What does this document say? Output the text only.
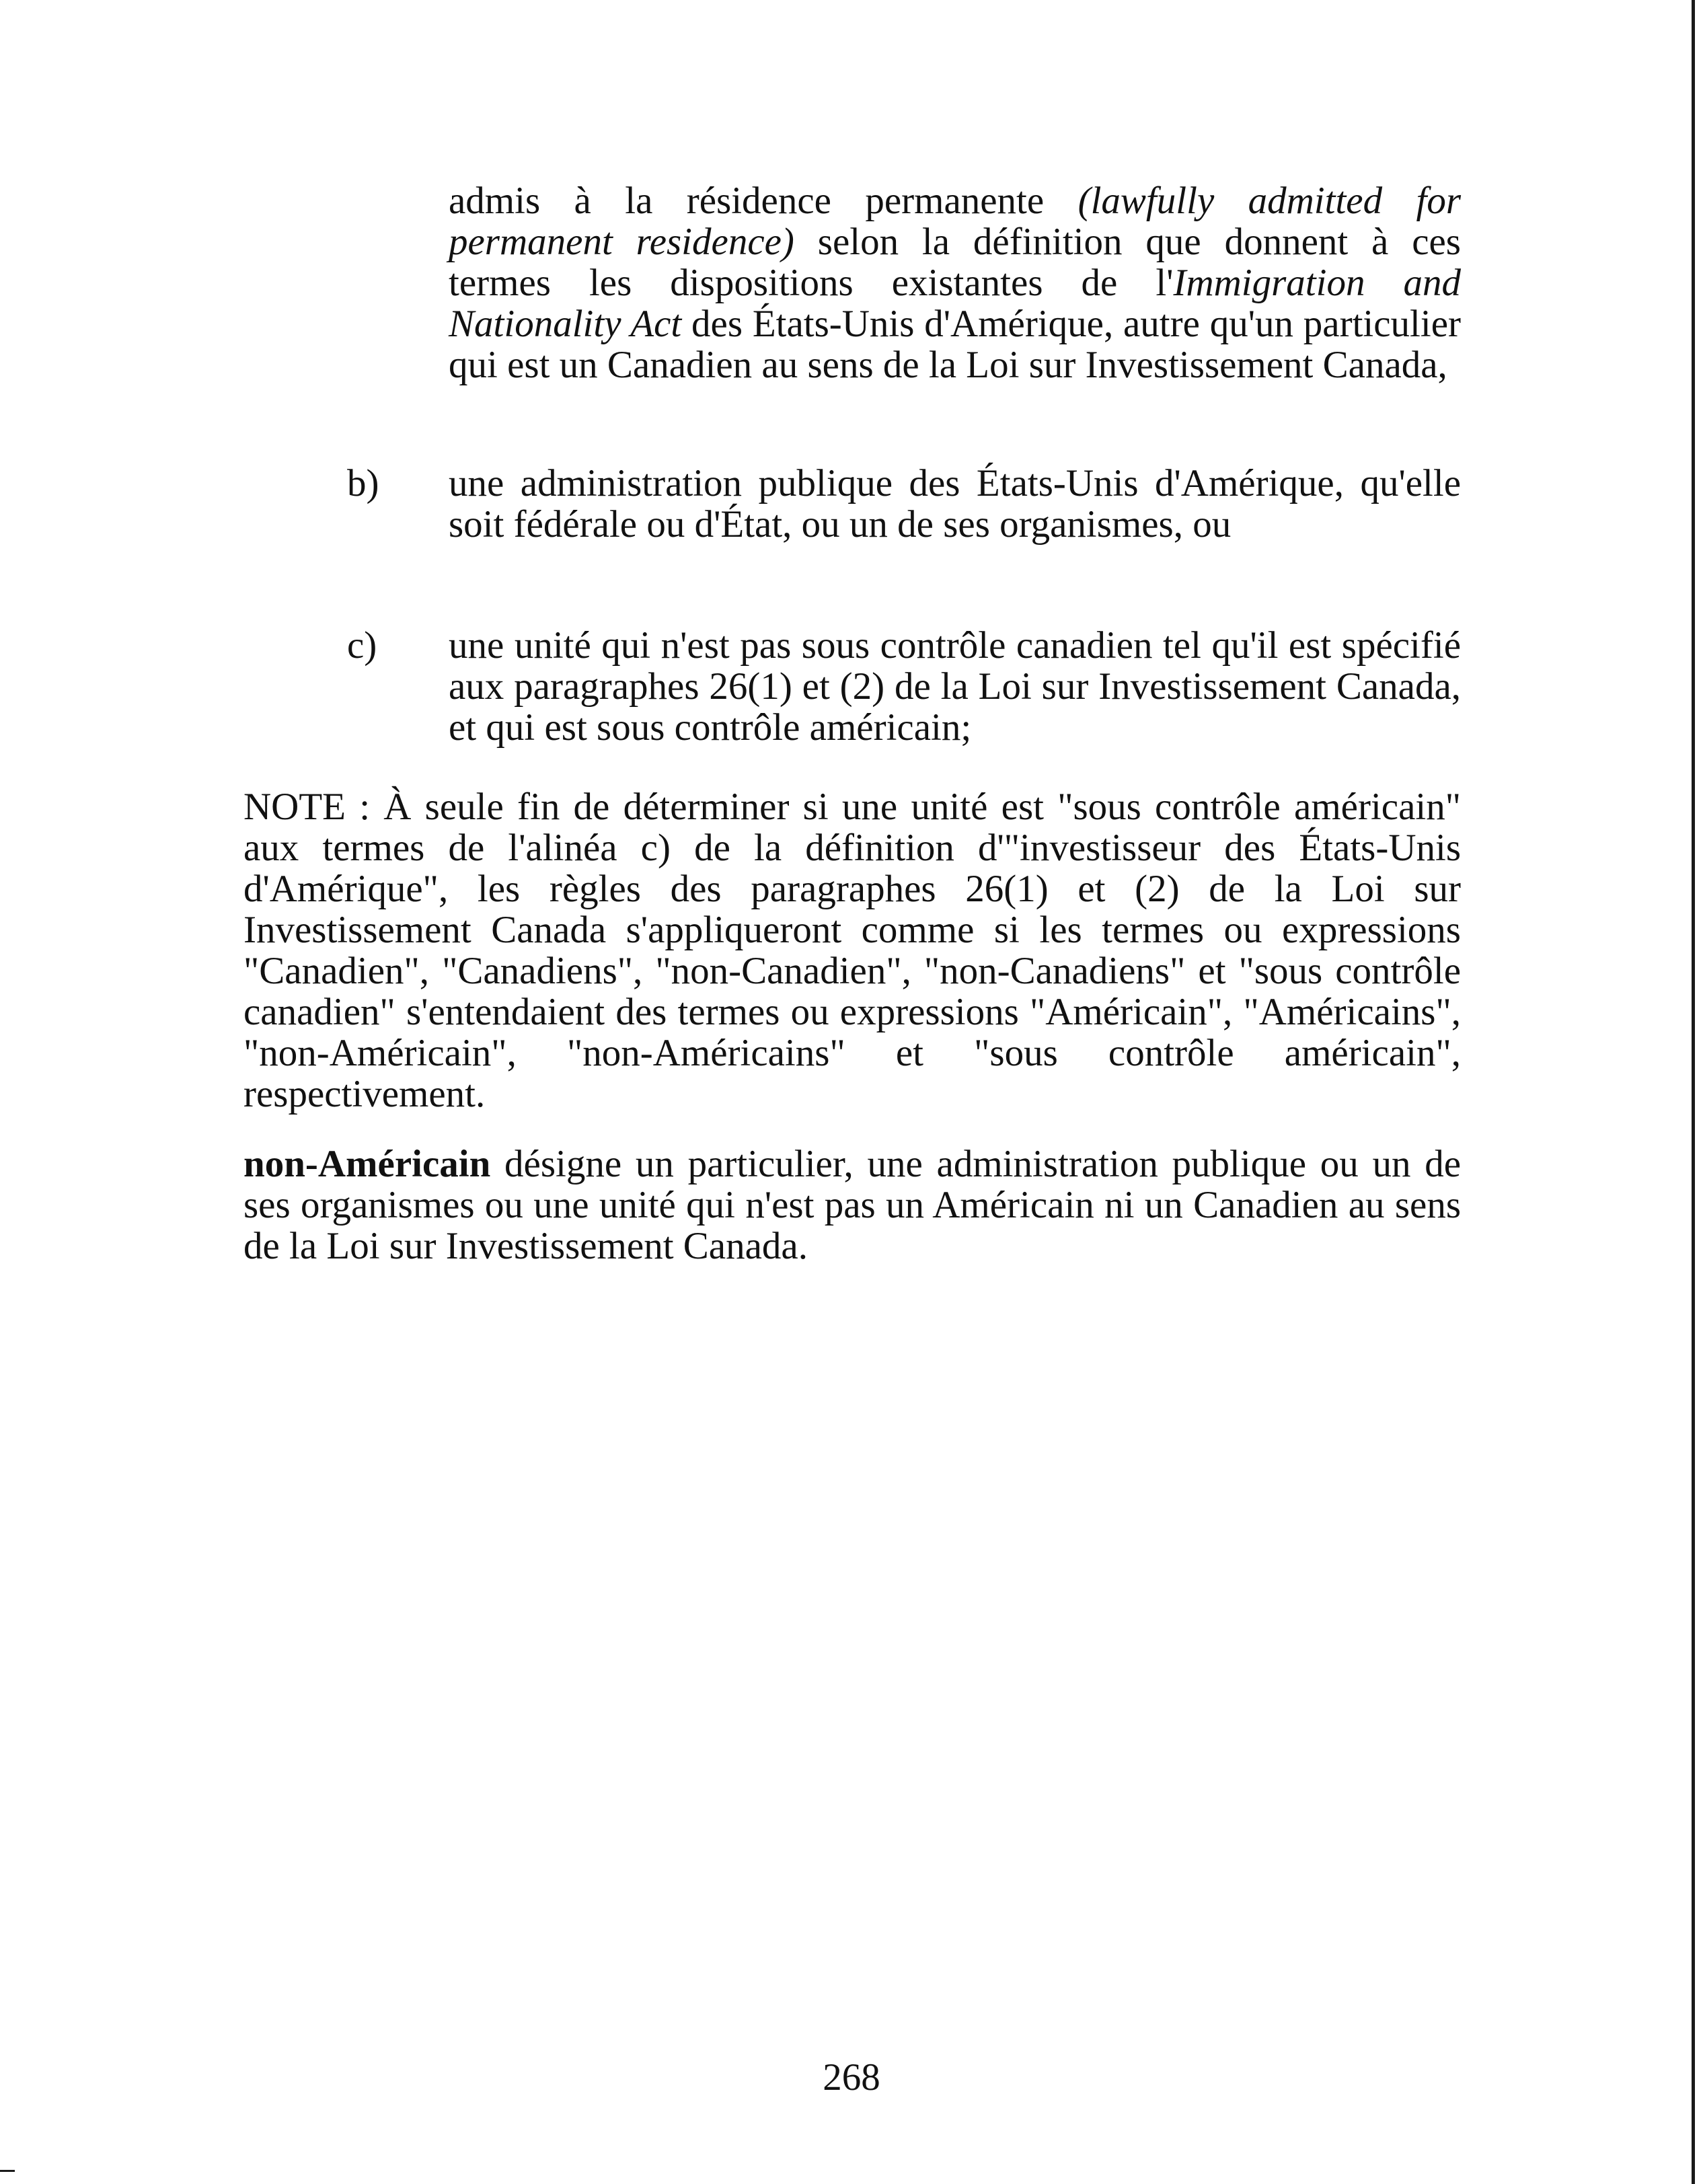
admis à la résidence permanente (lawfully admitted for permanent residence) selon la définition que donnent à ces termes les dispositions existantes de l'Immigration and Nationality Act des États-Unis d'Amérique, autre qu'un particulier qui est un Canadien au sens de la Loi sur Investissement Canada,

b) une administration publique des États-Unis d'Amérique, qu'elle soit fédérale ou d'État, ou un de ses organismes, ou

c) une unité qui n'est pas sous contrôle canadien tel qu'il est spécifié aux paragraphes 26(1) et (2) de la Loi sur Investissement Canada, et qui est sous contrôle américain;

NOTE : À seule fin de déterminer si une unité est "sous contrôle américain" aux termes de l'alinéa c) de la définition d'"investisseur des États-Unis d'Amérique", les règles des paragraphes 26(1) et (2) de la Loi sur Investissement Canada s'appliqueront comme si les termes ou expressions "Canadien", "Canadiens", "non-Canadien", "non-Canadiens" et "sous contrôle canadien" s'entendaient des termes ou expressions "Américain", "Américains", "non-Américain", "non-Américains" et "sous contrôle américain", respectivement.

non-Américain désigne un particulier, une administration publique ou un de ses organismes ou une unité qui n'est pas un Américain ni un Canadien au sens de la Loi sur Investissement Canada.

268
